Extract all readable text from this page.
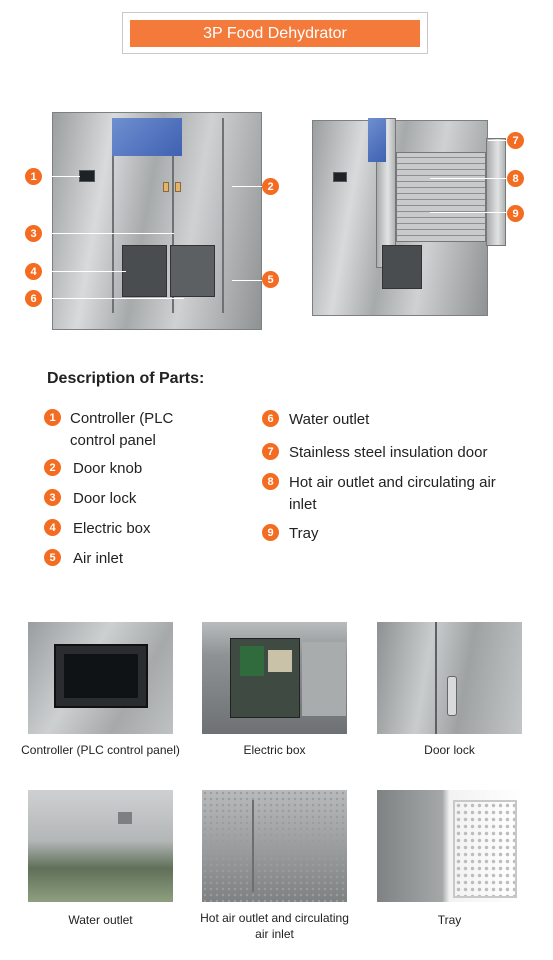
3P Food Dehydrator
1
2
3
4
5
6
7
8
9
Description of Parts:
1 Controller (PLC control panel
2	Door knob
3	Door lock
4	Electric box
5	Air inlet
6	Water outlet
7	Stainless steel insulation door
8	Hot air outlet and circulating air inlet
9	Tray
Controller (PLC control panel)	Electric box	Door lock
Water outlet	Hot air outlet and circulating air inlet
Tray
